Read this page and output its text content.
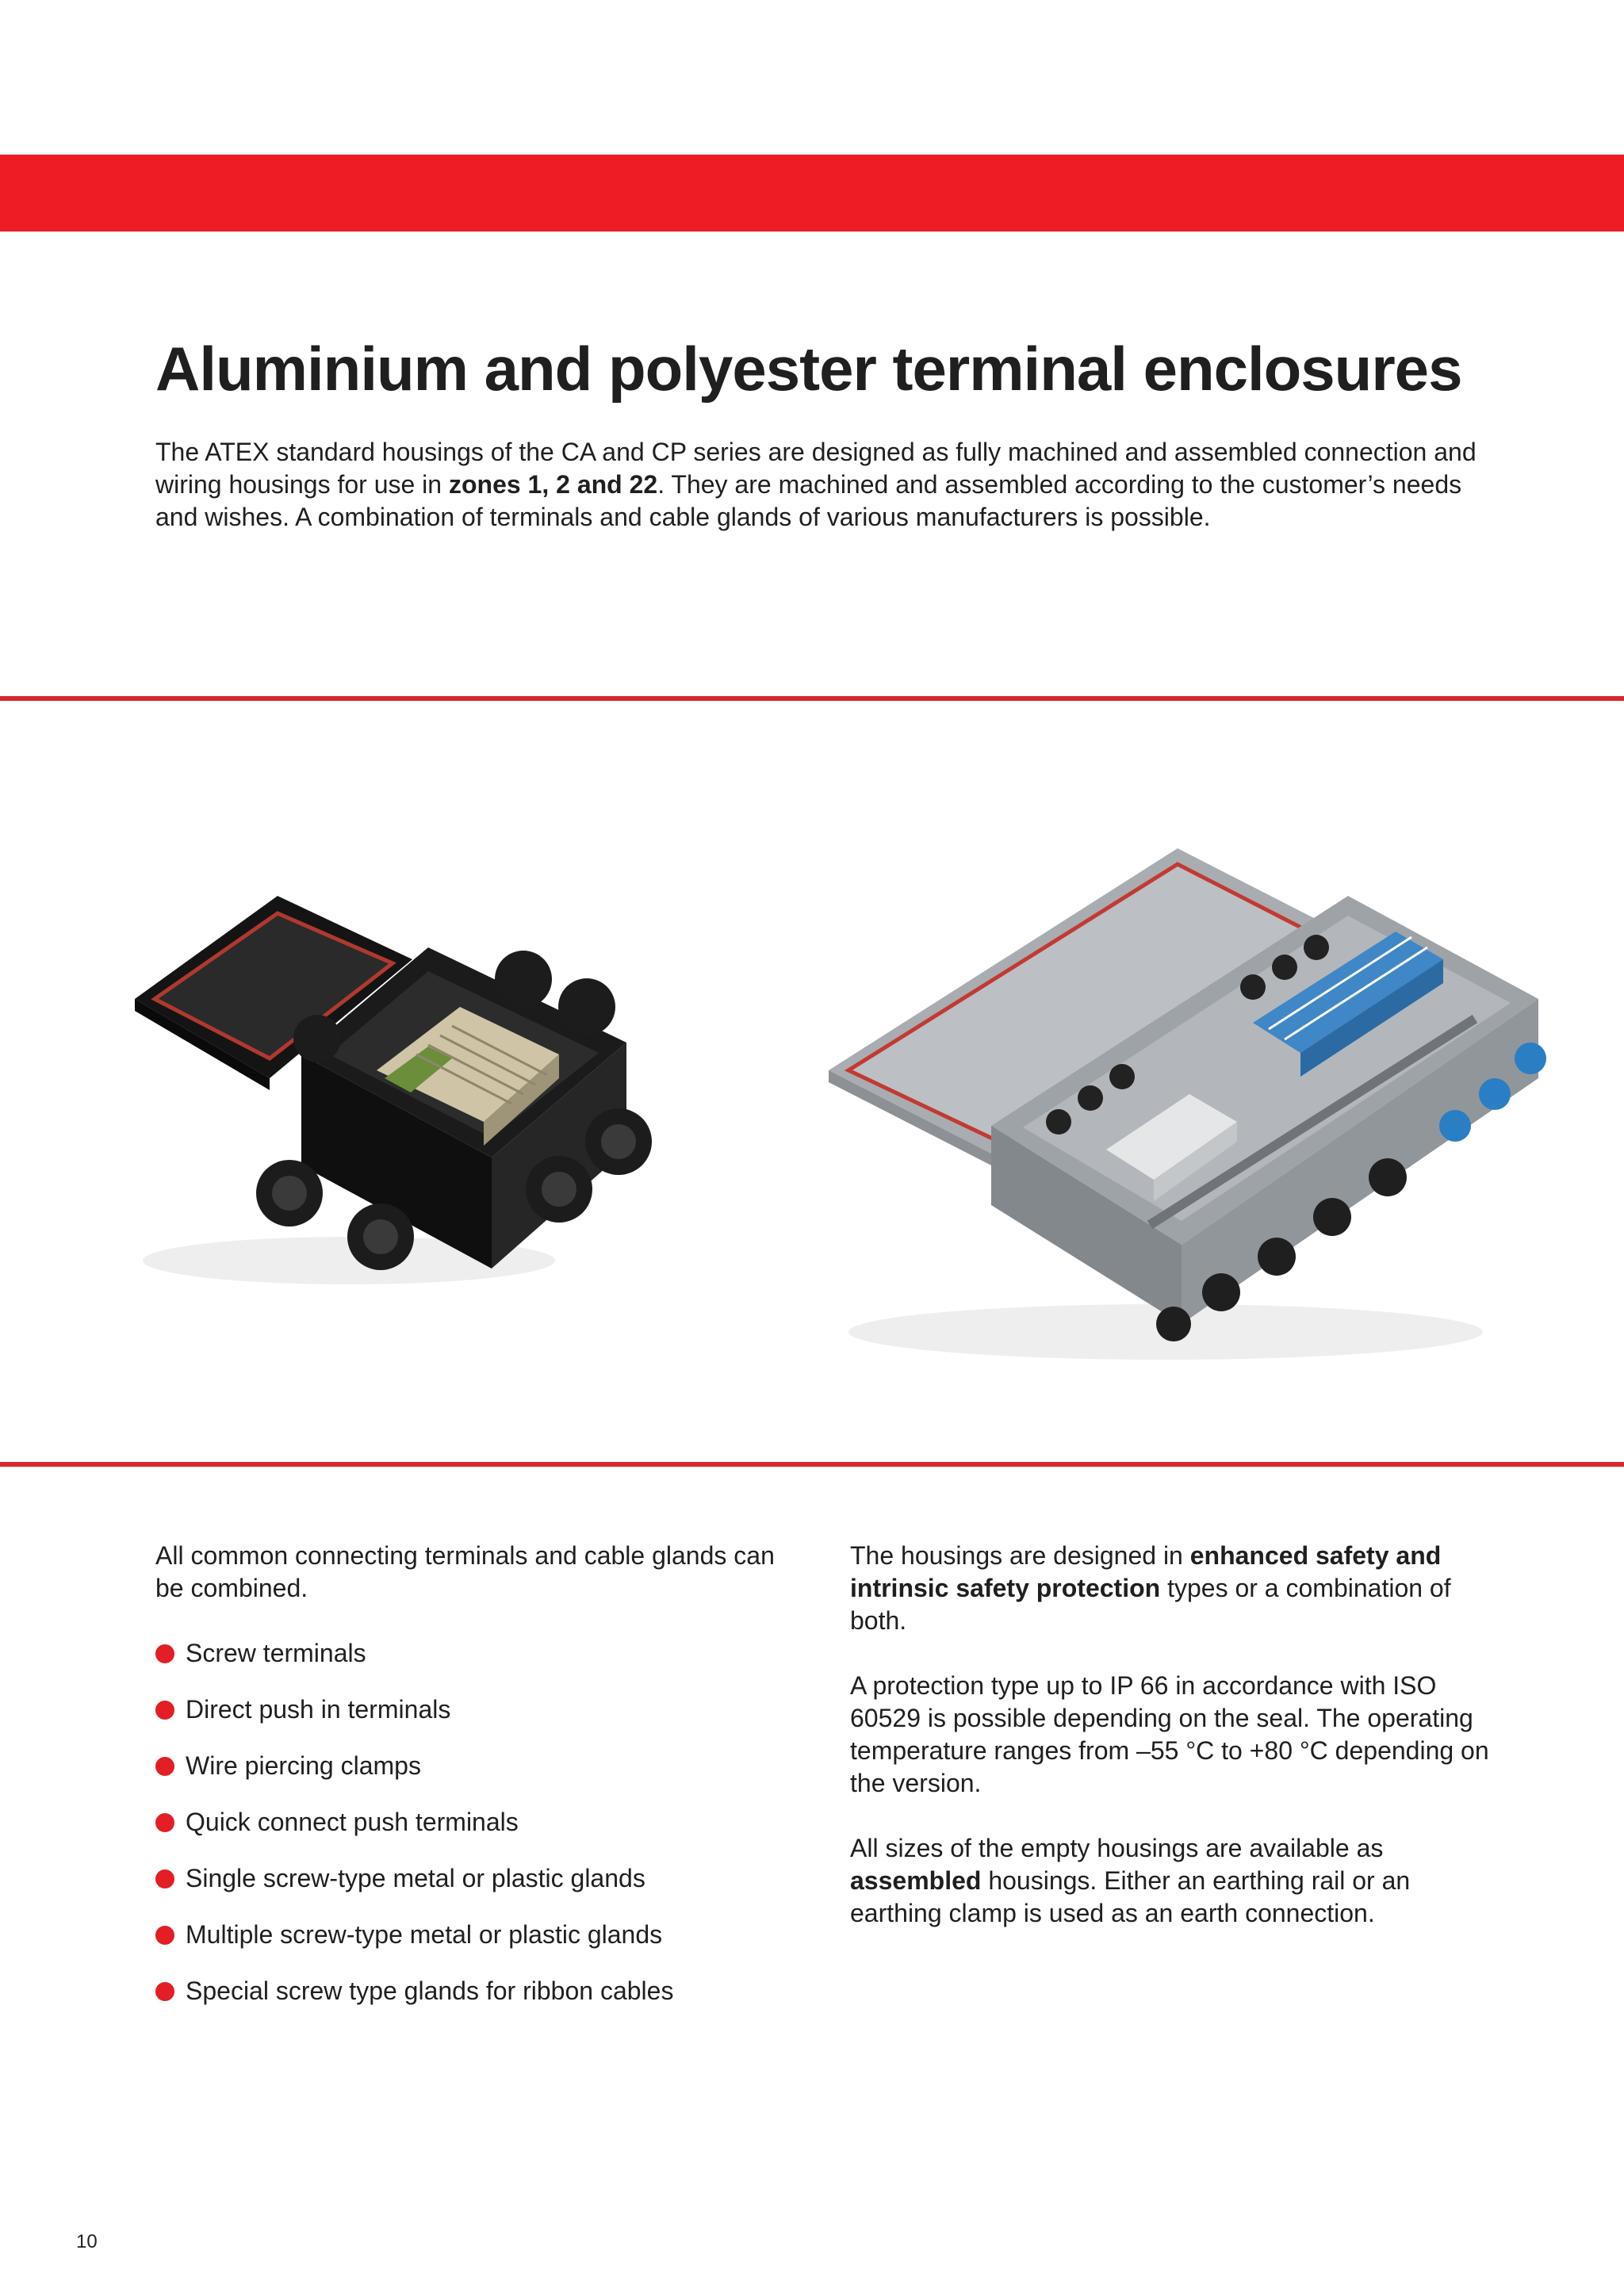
Aluminium and polyester terminal enclosures

The ATEX standard housings of the CA and CP series are designed as fully machined and assembled connection and wiring housings for use in zones 1, 2 and 22. They are machined and assembled according to the customer’s needs and wishes. A combination of terminals and cable glands of various manufacturers is possible.

All common connecting terminals and cable glands can be combined.

Screw terminals
Direct push in terminals
Wire piercing clamps
Quick connect push terminals
Single screw-type metal or plastic glands
Multiple screw-type metal or plastic glands
Special screw type glands for ribbon cables

The housings are designed in enhanced safety and intrinsic safety protection types or a combination of both.

A protection type up to IP 66 in accordance with ISO 60529 is possible depending on the seal. The operating temperature ranges from –55 °C to +80 °C depending on the version.

All sizes of the empty housings are available as assembled housings. Either an earthing rail or an earthing clamp is used as an earth connection.

10
